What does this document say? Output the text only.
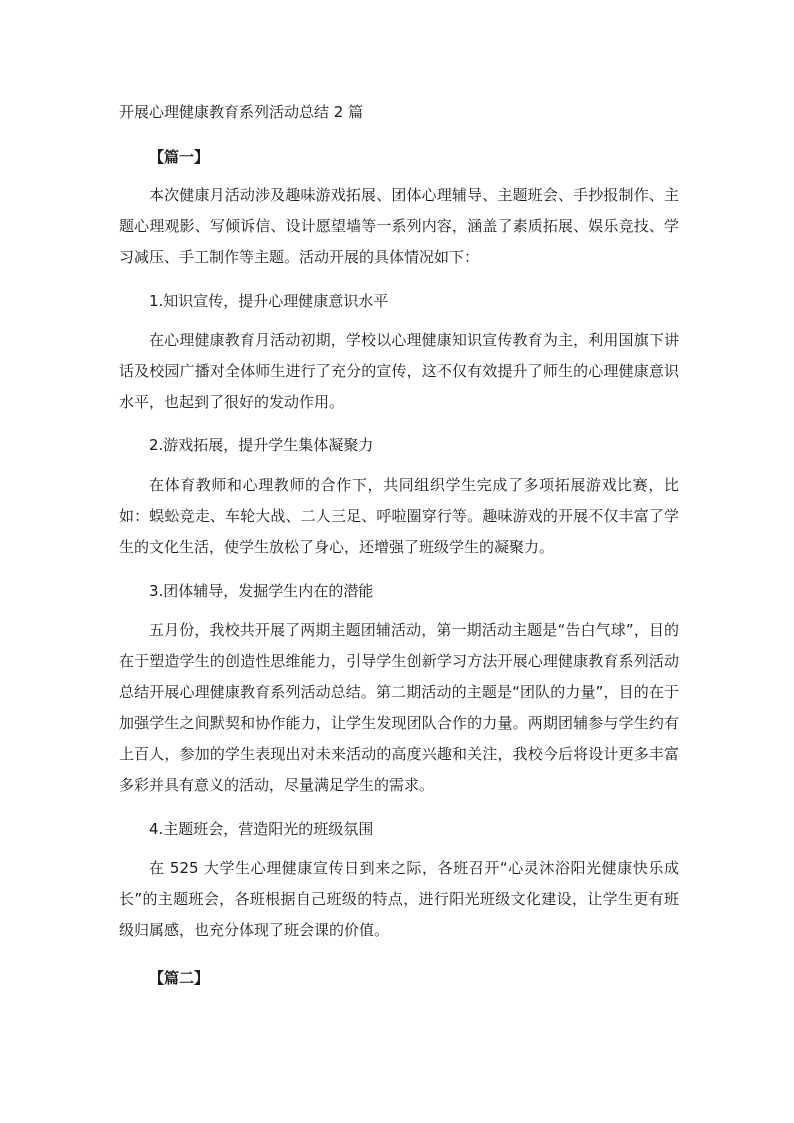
开展心理健康教育系列活动总结 2 篇
【篇一】

本次健康月活动涉及趣味游戏拓展、团体心理辅导、主题班会、手抄报制作、主题心理观影、写倾诉信、设计愿望墙等一系列内容，涵盖了素质拓展、娱乐竞技、学习减压、手工制作等主题。活动开展的具体情况如下：

1.知识宣传，提升心理健康意识水平

在心理健康教育月活动初期，学校以心理健康知识宣传教育为主，利用国旗下讲话及校园广播对全体师生进行了充分的宣传，这不仅有效提升了师生的心理健康意识水平，也起到了很好的发动作用。

2.游戏拓展，提升学生集体凝聚力

在体育教师和心理教师的合作下，共同组织学生完成了多项拓展游戏比赛，比如：蜈蚣竞走、车轮大战、二人三足、呼啦圈穿行等。趣味游戏的开展不仅丰富了学生的文化生活，使学生放松了身心，还增强了班级学生的凝聚力。

3.团体辅导，发掘学生内在的潜能

五月份，我校共开展了两期主题团辅活动，第一期活动主题是“告白气球”，目的在于塑造学生的创造性思维能力，引导学生创新学习方法开展心理健康教育系列活动总结开展心理健康教育系列活动总结。第二期活动的主题是“团队的力量”，目的在于加强学生之间默契和协作能力，让学生发现团队合作的力量。两期团辅参与学生约有上百人，参加的学生表现出对未来活动的高度兴趣和关注，我校今后将设计更多丰富多彩并具有意义的活动，尽量满足学生的需求。

4.主题班会，营造阳光的班级氛围

在 525 大学生心理健康宣传日到来之际，各班召开“心灵沐浴阳光健康快乐成长”的主题班会，各班根据自己班级的特点，进行阳光班级文化建设，让学生更有班级归属感，也充分体现了班会课的价值。

【篇二】
